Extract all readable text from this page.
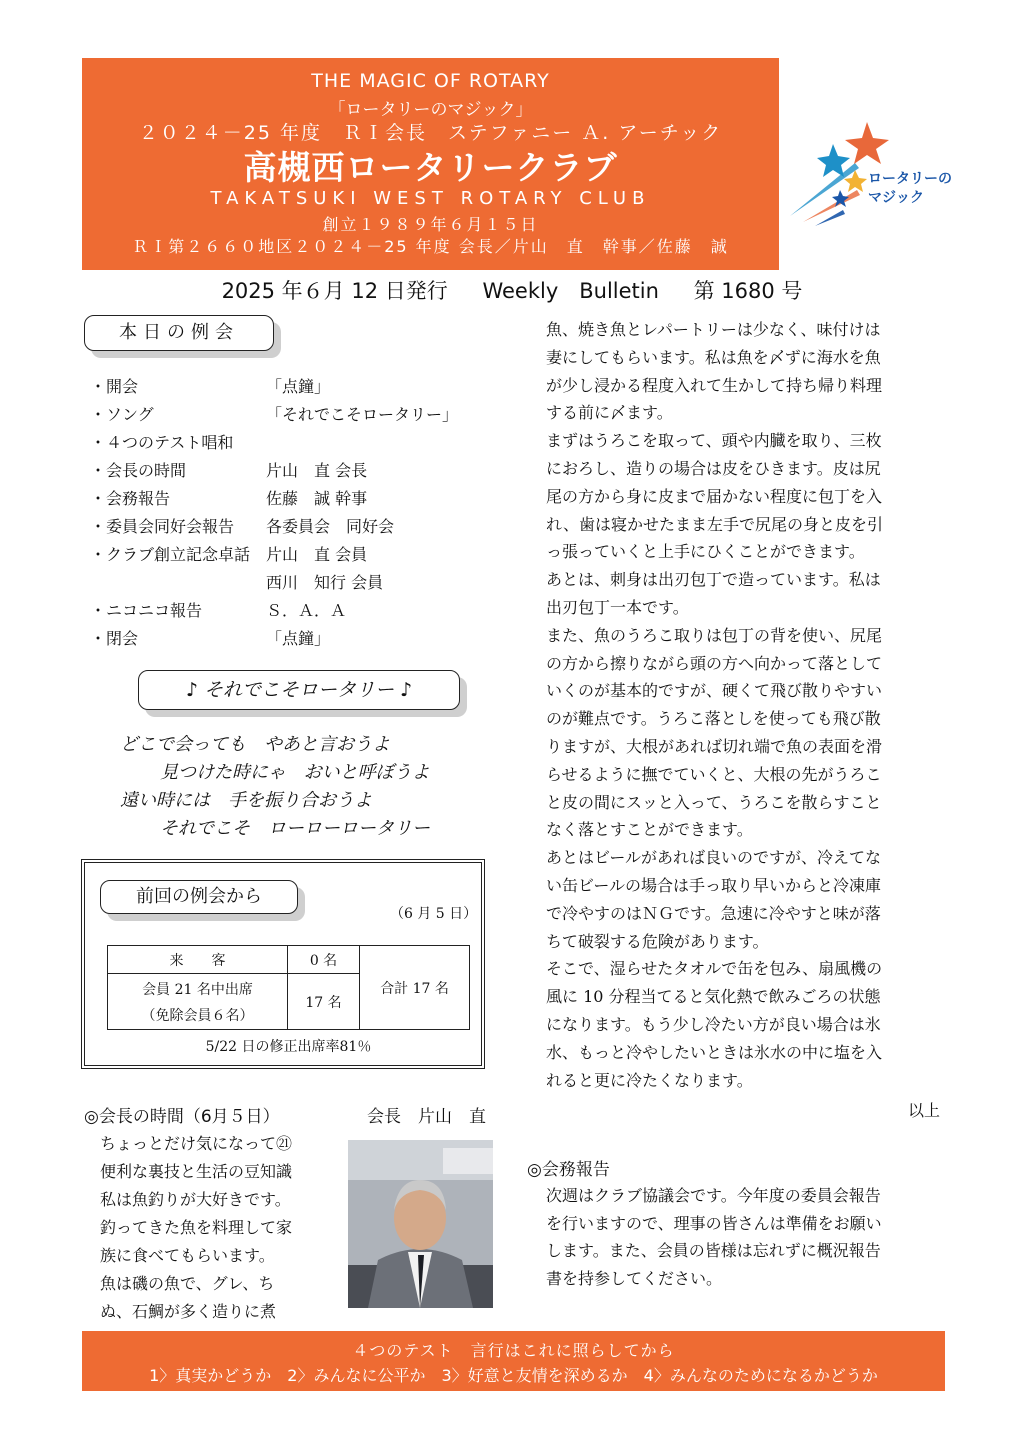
THE MAGIC OF ROTARY
「ロータリーのマジック」
２０２４－25 年度　ＲＩ会長　ステファニー Ａ. アーチック
高槻西ロータリークラブ
TAKATSUKI WEST ROTARY CLUB
創立１９８９年６月１５日
ＲＩ第２６６０地区２０２４－25 年度 会長／片山　直　幹事／佐藤　誠
ロータリーの
マジック
2025 年６月 12 日発行 Weekly　Bulletin 第 1680 号
本日の例会
・開会	「点鐘」
・ソング	「それでこそロータリー」
・４つのテスト唱和
・会長の時間	片山　直 会長
・会務報告	佐藤　誠 幹事
・委員会同好会報告 各委員会　同好会
・クラブ創立記念卓話 片山　直 会員
西川　知行 会員
・ニコニコ報告	Ｓ．Ａ．Ａ
・閉会	「点鐘」
♪ それでこそロータリー ♪
どこで会っても　やあと言おうよ
見つけた時にゃ　おいと呼ぼうよ
遠い時には　手を振り合おうよ
それでこそ　ローローロータリー
前回の例会から
（6 月 5 日）
来　　客	0 名	合計 17 名

会員 21 名中出席
（免除会員６名）	17 名	
5/22 日の修正出席率81％
◎会長の時間（6月５日）	会長　片山　直
ちょっとだけ気になって㉑
便利な裏技と生活の豆知識
私は魚釣りが大好きです。
釣ってきた魚を料理して家
族に食べてもらいます。
魚は磯の魚で、グレ、ち
ぬ、石鯛が多く造りに煮
魚、焼き魚とレパートリーは少なく、味付けは
妻にしてもらいます。私は魚を〆ずに海水を魚
が少し浸かる程度入れて生かして持ち帰り料理
する前に〆ます。
まずはうろこを取って、頭や内臓を取り、三枚
におろし、造りの場合は皮をひきます。皮は尻
尾の方から身に皮まで届かない程度に包丁を入
れ、歯は寝かせたまま左手で尻尾の身と皮を引
っ張っていくと上手にひくことができます。
あとは、刺身は出刃包丁で造っています。私は
出刃包丁一本です。
また、魚のうろこ取りは包丁の背を使い、尻尾
の方から擦りながら頭の方へ向かって落として
いくのが基本的ですが、硬くて飛び散りやすい
のが難点です。うろこ落としを使っても飛び散
りますが、大根があれば切れ端で魚の表面を滑
らせるように撫でていくと、大根の先がうろこ
と皮の間にスッと入って、うろこを散らすこと
なく落とすことができます。
あとはビールがあれば良いのですが、冷えてな
い缶ビールの場合は手っ取り早いからと冷凍庫
で冷やすのはＮＧです。急速に冷やすと味が落
ちて破裂する危険があります。
そこで、湿らせたタオルで缶を包み、扇風機の
風に 10 分程当てると気化熱で飲みごろの状態
になります。もう少し冷たい方が良い場合は氷
水、もっと冷やしたいときは氷水の中に塩を入
れると更に冷たくなります。
以上
◎会務報告
次週はクラブ協議会です。今年度の委員会報告
を行いますので、理事の皆さんは準備をお願い
します。また、会員の皆様は忘れずに概況報告
書を持参してください。
４つのテスト　言行はこれに照らしてから
1〉真実かどうか　2〉みんなに公平か　3〉好意と友情を深めるか　4〉みんなのためになるかどうか
